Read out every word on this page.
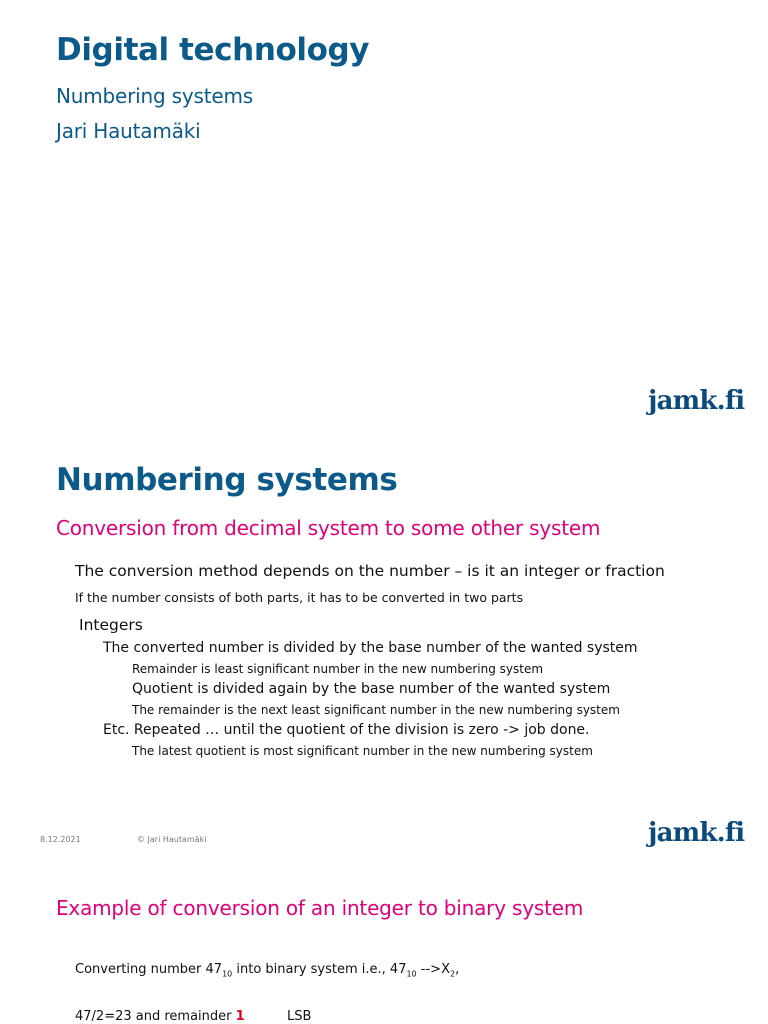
Digital technology
Numbering systems
Jari Hautamäki
jamk.fi
Numbering systems
Conversion from decimal system to some other system
The conversion method depends on the number – is it an integer or fraction
If the number consists of both parts, it has to be converted in two parts
Integers
The converted number is divided by the base number of the wanted system
Remainder is least significant number in the new numbering system
Quotient is divided again by the base number of the wanted system
The remainder is the next least significant number in the new numbering system
Etc. Repeated … until the quotient of the division is zero -> job done.
The latest quotient is most significant number in the new numbering system
8.12.2021	© Jari Hautamäki	jamk.fi
Example of conversion of an integer to binary system
Converting number $47_{10}$ into binary system i.e., $47_{10}$ $-->X_2$,
47/2=23 and remainder 1	LSB
